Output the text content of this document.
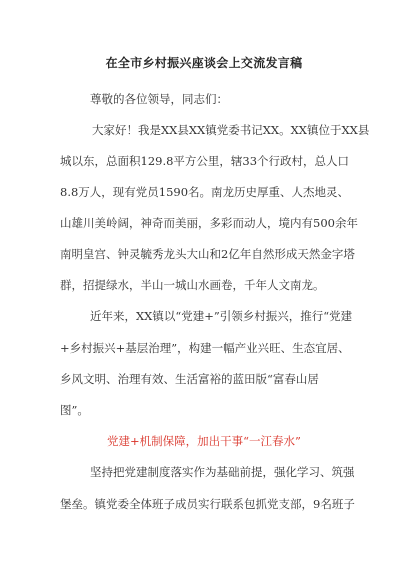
在全市乡村振兴座谈会上交流发言稿
尊敬的各位领导，同志们：
大家好！我是XX县XX镇党委书记XX。XX镇位于XX县
城以东，总面积129.8平方公里，辖33个行政村，总人口
8.8万人，现有党员1590名。南龙历史厚重、人杰地灵、
山雄川美岭阔，神奇而美丽，多彩而动人，境内有500余年
南明皇宫、钟灵毓秀龙头大山和2亿年自然形成天然金字塔
群，招提绿水，半山一城山水画卷，千年人文南龙。
近年来，XX镇以“党建+”引领乡村振兴，推行“党建
+乡村振兴+基层治理”，构建一幅产业兴旺、生态宜居、
乡风文明、治理有效、生活富裕的蓝田版“富春山居
图”。
党建+机制保障，加出干事“一江春水”
坚持把党建制度落实作为基础前提，强化学习、筑强
堡垒。镇党委全体班子成员实行联系包抓党支部，9名班子
